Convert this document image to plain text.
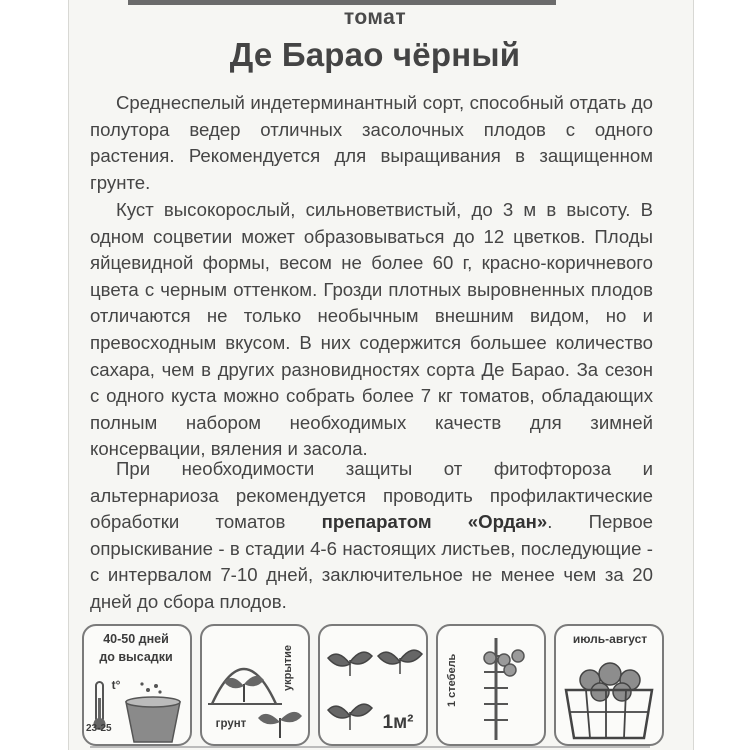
томат
Де Барао чёрный
Среднеспелый индетерминантный сорт, способный отдать до полутора ведер отличных засолочных плодов с одного растения. Рекомендуется для выращивания в защищенном грунте.
Куст высокорослый, сильноветвистый, до 3 м в высоту. В одном соцветии может образовываться до 12 цветков. Плоды яйцевидной формы, весом не более 60 г, красно-коричневого цвета с черным оттенком. Грозди плотных выровненных плодов отличаются не только необычным внешним видом, но и превосходным вкусом. В них содержится большее количество сахара, чем в других разновидностях сорта Де Барао. За сезон с одного куста можно собрать более 7 кг томатов, обладающих полным набором необходимых качеств для зимней консервации, вяления и засола.
При необходимости защиты от фитофтороза и альтернариоза рекомендуется проводить профилактические обработки томатов препаратом «Ордан». Первое опрыскивание - в стадии 4-6 настоящих листьев, последующие - с интервалом 7-10 дней, заключительное не менее чем за 20 дней до сбора плодов.
40-50 дней
до высадки
t°
23-25
укрытие
грунт	1м²
1 стебель
июль-август
